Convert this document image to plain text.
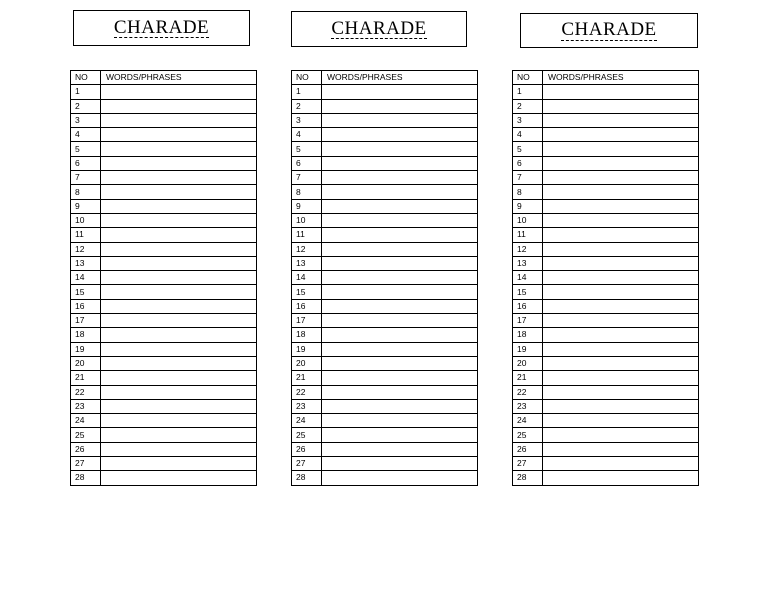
CHARADE	CHARADE	CHARADE
NO	WORDS/PHRASES
1	
2	
3	
4	
5	
6	
7	
8	
9	
10	
11	
12	
13	
14	
15	
16	
17	
18	
19	
20	
21	
22	
23	
24	
25	
26	
27	
28	
NO	WORDS/PHRASES
1	
2	
3	
4	
5	
6	
7	
8	
9	
10	
11	
12	
13	
14	
15	
16	
17	
18	
19	
20	
21	
22	
23	
24	
25	
26	
27	
28	
NO	WORDS/PHRASES
1	
2	
3	
4	
5	
6	
7	
8	
9	
10	
11	
12	
13	
14	
15	
16	
17	
18	
19	
20	
21	
22	
23	
24	
25	
26	
27	
28	
